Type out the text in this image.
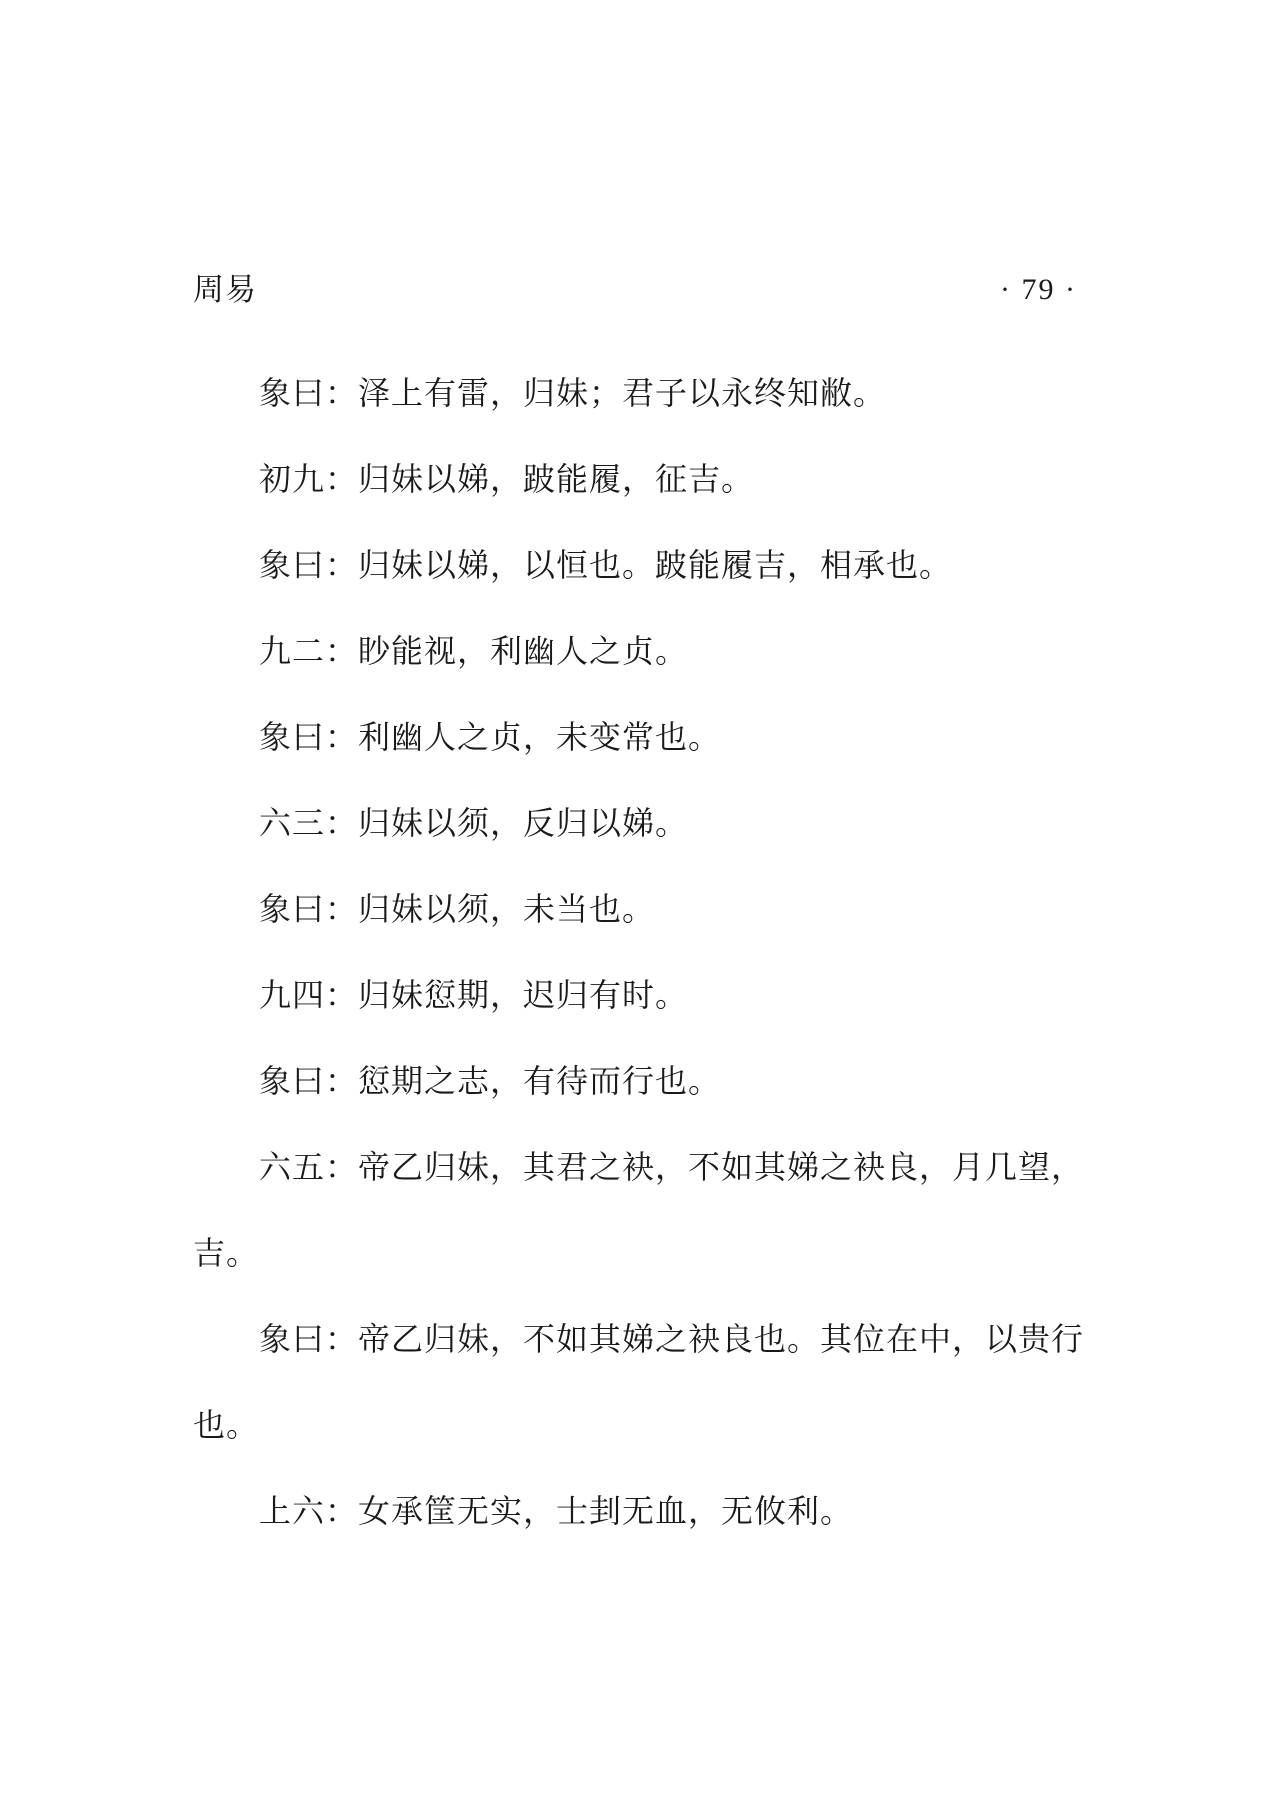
周易	· 79 ·

象曰：泽上有雷，归妹；君子以永终知敝。

初九：归妹以娣，跛能履，征吉。

象曰：归妹以娣，以恒也。跛能履吉，相承也。

九二：眇能视，利幽人之贞。

象曰：利幽人之贞，未变常也。

六三：归妹以须，反归以娣。

象曰：归妹以须，未当也。

九四：归妹愆期，迟归有时。

象曰：愆期之志，有待而行也。

六五：帝乙归妹，其君之袂，不如其娣之袂良，月几望，吉。

象曰：帝乙归妹，不如其娣之袂良也。其位在中，以贵行也。

上六：女承筐无实，士刲无血，无攸利。
